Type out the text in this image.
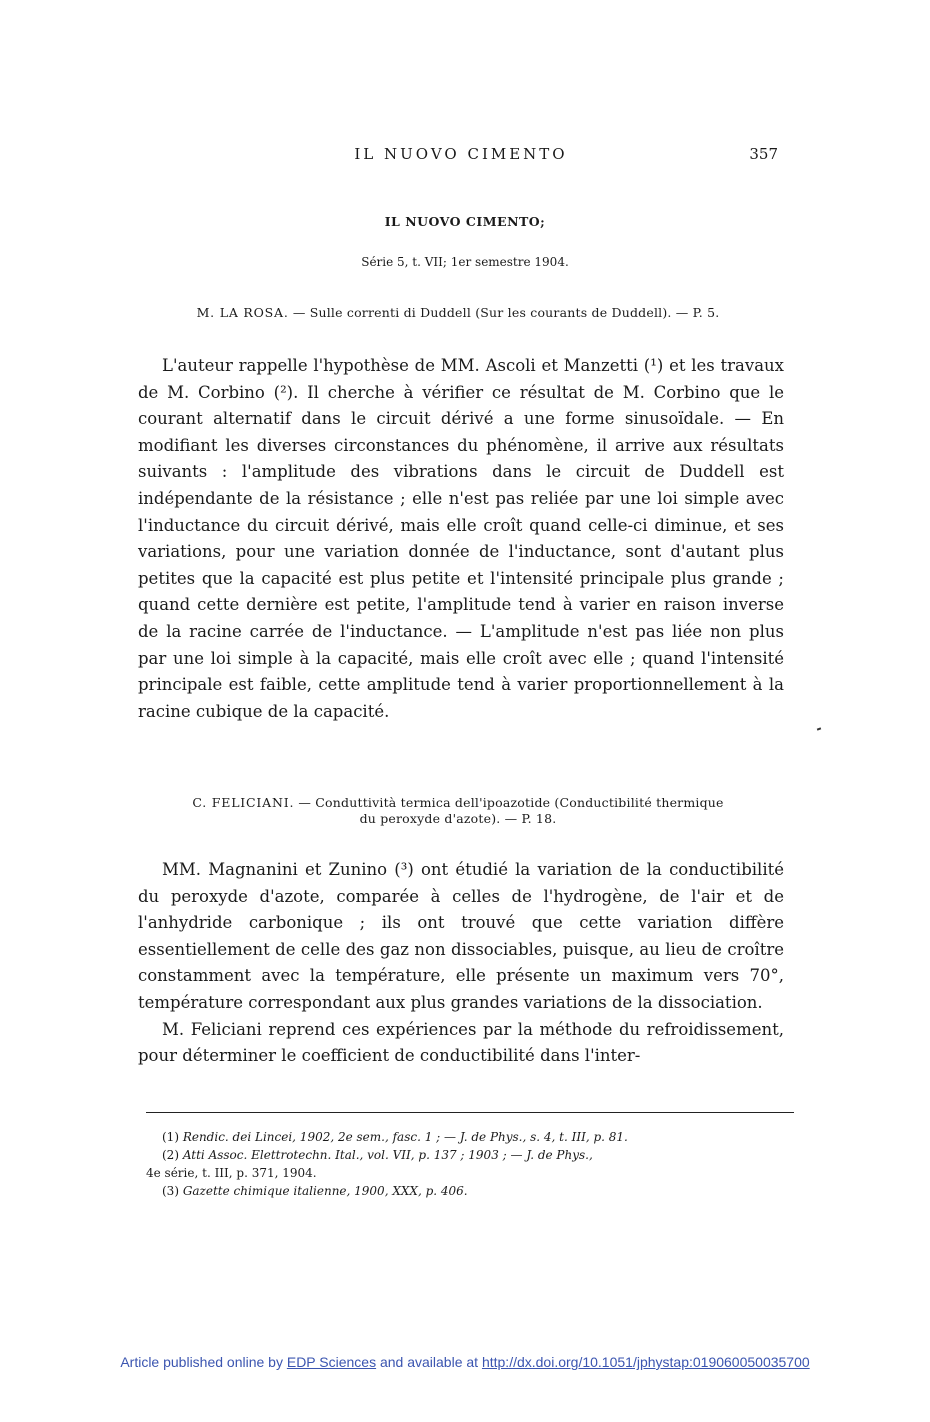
IL NUOVO CIMENTO	357
IL NUOVO CIMENTO;
Série 5, t. VII; 1er semestre 1904.
M. LA ROSA. — Sulle correnti di Duddell (Sur les courants de Duddell). — P. 5.

L'auteur rappelle l'hypothèse de MM. Ascoli et Manzetti (¹) et les travaux de M. Corbino (²). Il cherche à vérifier ce résultat de M. Corbino que le courant alternatif dans le circuit dérivé a une forme sinusoïdale. — En modifiant les diverses circonstances du phénomène, il arrive aux résultats suivants : l'amplitude des vibrations dans le circuit de Duddell est indépendante de la résistance ; elle n'est pas reliée par une loi simple avec l'inductance du circuit dérivé, mais elle croît quand celle-ci diminue, et ses variations, pour une variation donnée de l'inductance, sont d'autant plus petites que la capacité est plus petite et l'intensité principale plus grande ; quand cette dernière est petite, l'amplitude tend à varier en raison inverse de la racine carrée de l'inductance. — L'amplitude n'est pas liée non plus par une loi simple à la capacité, mais elle croît avec elle ; quand l'intensité principale est faible, cette amplitude tend à varier proportionnellement à la racine cubique de la capacité.

C. FELICIANI. — Conduttività termica dell'ipoazotide (Conductibilité thermique
du peroxyde d'azote). — P. 18.

MM. Magnanini et Zunino (³) ont étudié la variation de la conductibilité du peroxyde d'azote, comparée à celles de l'hydrogène, de l'air et de l'anhydride carbonique ; ils ont trouvé que cette variation diffère essentiellement de celle des gaz non dissociables, puisque, au lieu de croître constamment avec la température, elle présente un maximum vers 70°, température correspondant aux plus grandes variations de la dissociation.

M. Feliciani reprend ces expériences par la méthode du refroidissement, pour déterminer le coefficient de conductibilité dans l'inter-

(1) Rendic. dei Lincei, 1902, 2e sem., fasc. 1 ; — J. de Phys., s. 4, t. III, p. 81.

(2) Atti Assoc. Elettrotechn. Ital., vol. VII, p. 137 ; 1903 ; — J. de Phys.,

4e série, t. III, p. 371, 1904.

(3) Gazette chimique italienne, 1900, XXX, p. 406.

Article published online by EDP Sciences and available at http://dx.doi.org/10.1051/jphystap:019060050035700
